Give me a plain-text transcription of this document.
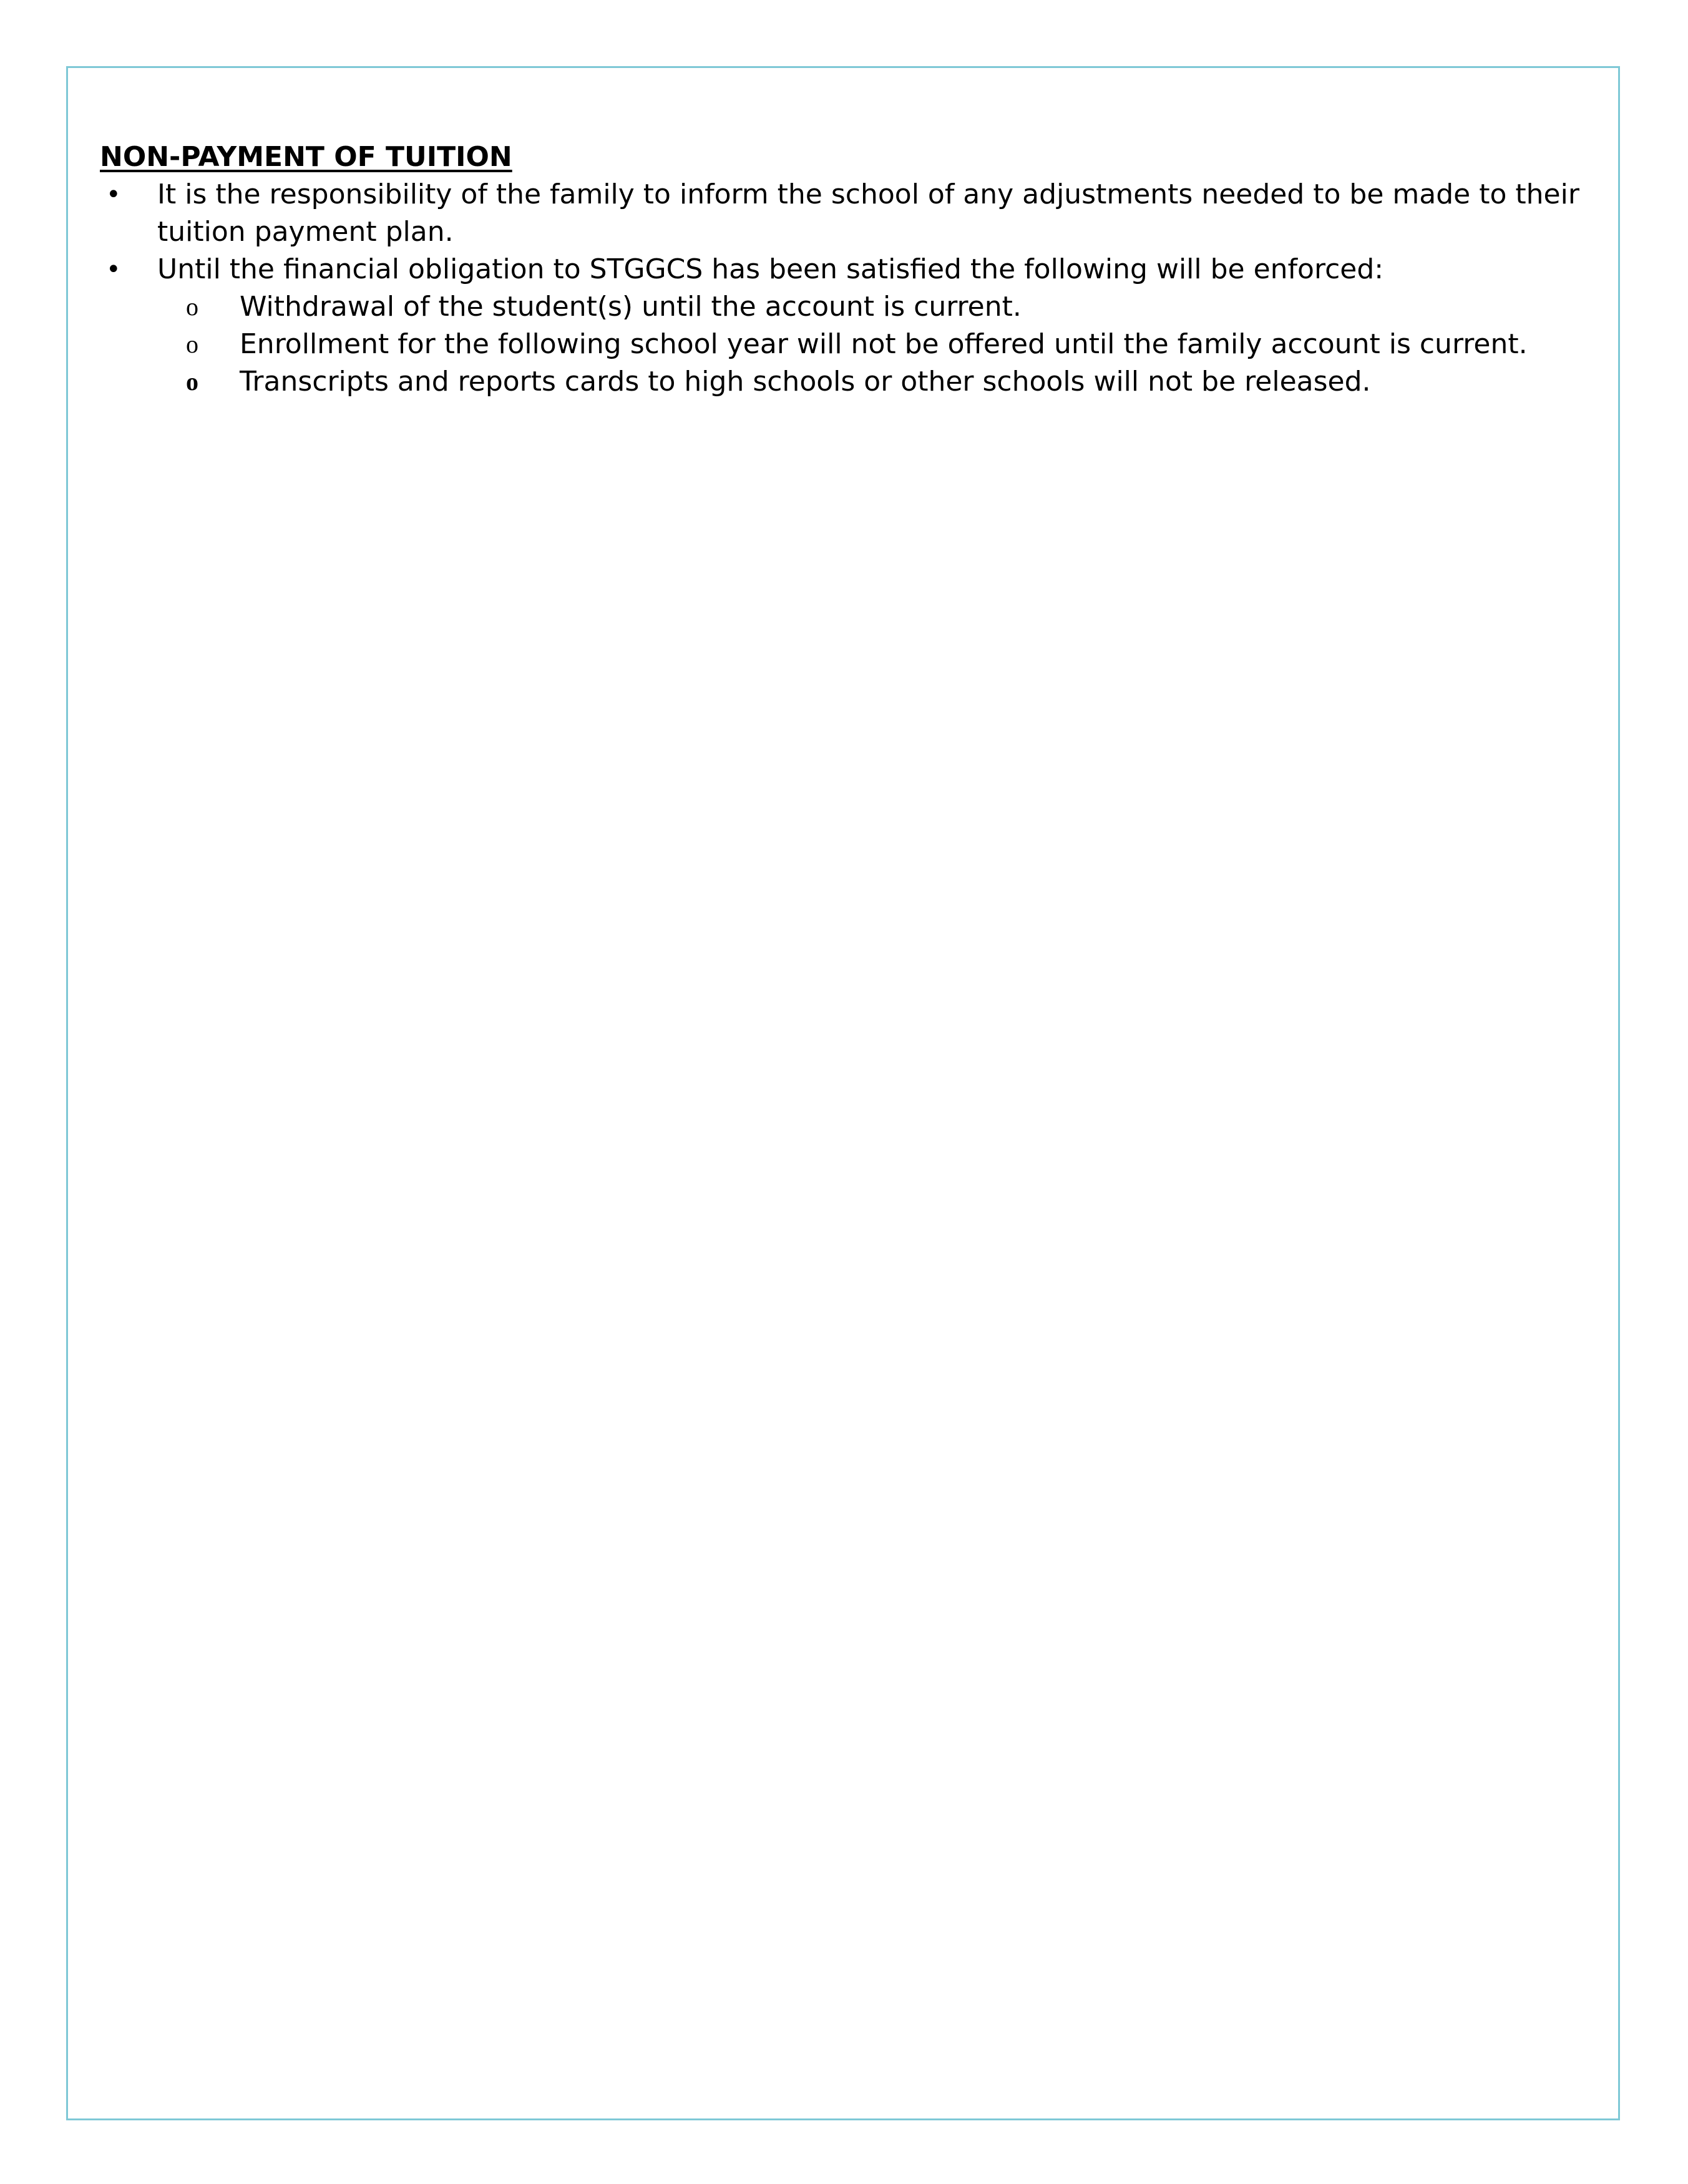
NON-PAYMENT OF TUITION
• It is the responsibility of the family to inform the school of any adjustments needed to be made to their tuition payment plan.
• Until the financial obligation to STGGCS has been satisfied the following will be enforced:
o Withdrawal of the student(s) until the account is current.
o Enrollment for the following school year will not be offered until the family account is current.
o Transcripts and reports cards to high schools or other schools will not be released.
